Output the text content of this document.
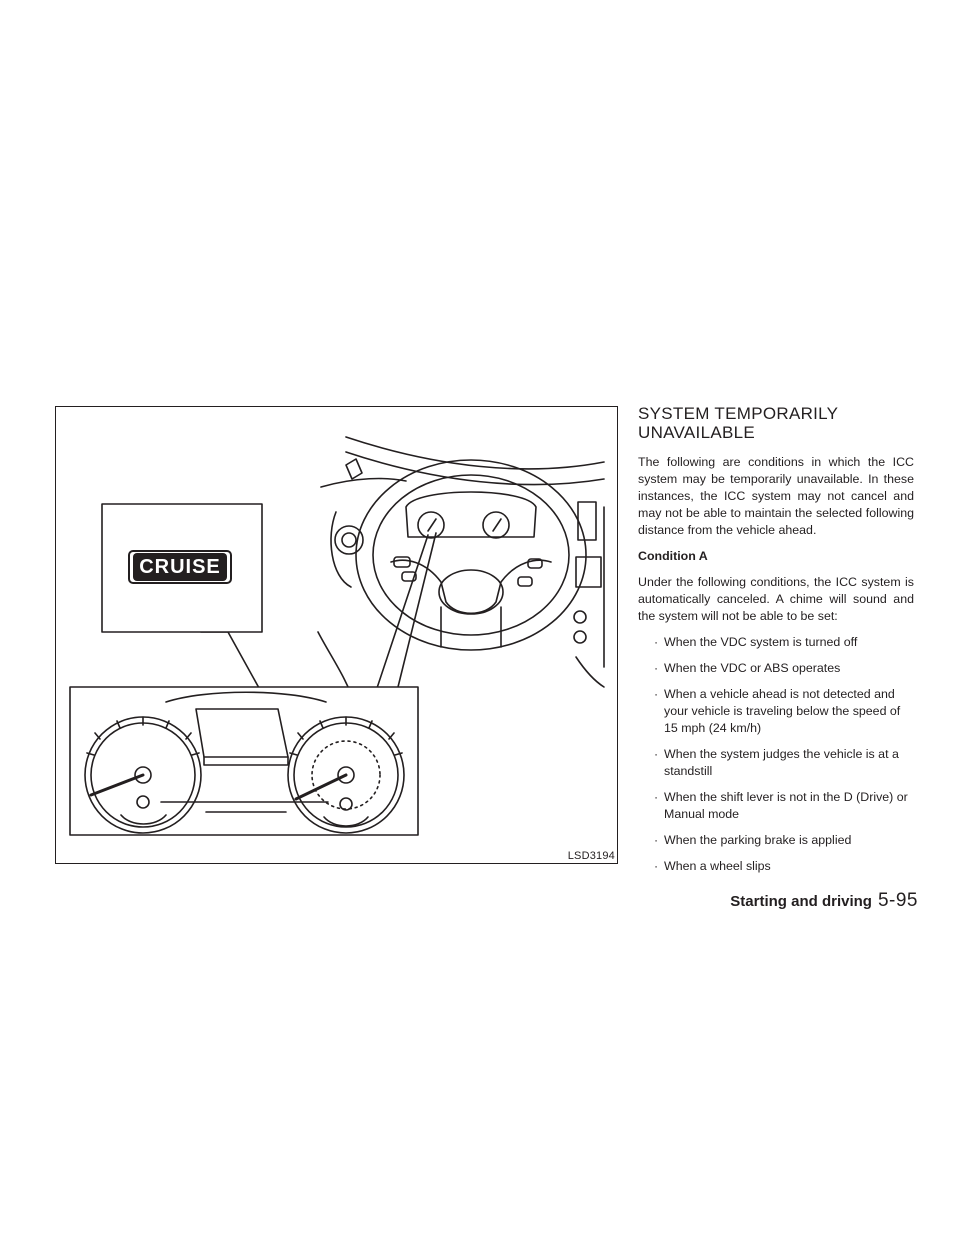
CRUISE
LSD3194
SYSTEM TEMPORARILY
UNAVAILABLE

The following are conditions in which the ICC system may be temporarily unavailable. In these instances, the ICC system may not cancel and may not be able to maintain the selected following distance from the vehicle ahead.

Condition A

Under the following conditions, the ICC system is automatically canceled. A chime will sound and the system will not be able to be set:

· When the VDC system is turned off
· When the VDC or ABS operates
· When a vehicle ahead is not detected and your vehicle is traveling below the speed of 15 mph (24 km/h)
· When the system judges the vehicle is at a standstill
· When the shift lever is not in the D (Drive) or Manual mode
· When the parking brake is applied
· When a wheel slips
Starting and driving 5-95
